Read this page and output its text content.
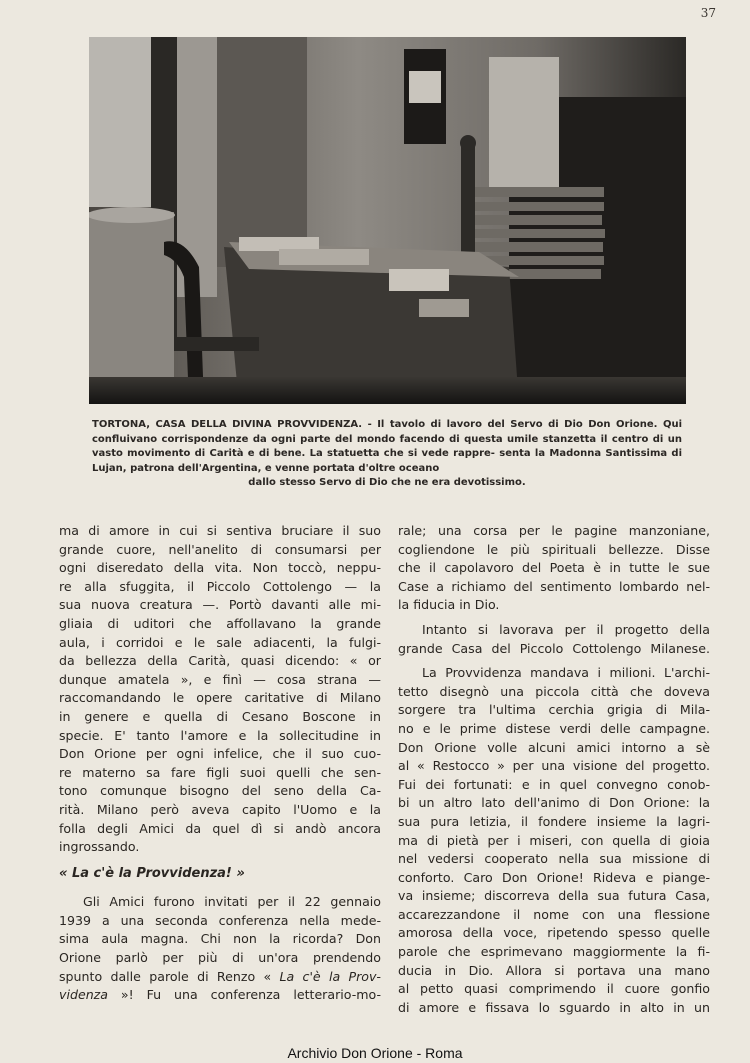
37
TORTONA, CASA DELLA DIVINA PROVVIDENZA. - Il tavolo di lavoro del Servo di Dio Don Orione. Qui confluivano corrispondenze da ogni parte del mondo facendo di questa umile stanzetta il centro di un vasto movimento di Carità e di bene. La statuetta che si vede rappre- senta la Madonna Santissima di Lujan, patrona dell'Argentina, e venne portata d'oltre oceano
dallo stesso Servo di Dio che ne era devotissimo.
ma di amore in cui si sentiva bruciare il suo
grande cuore, nell'anelito di consumarsi per
ogni diseredato della vita. Non toccò, neppu-
re alla sfuggita, il Piccolo Cottolengo — la
sua nuova creatura —. Portò davanti alle mi-
gliaia di uditori che affollavano la grande
aula, i corridoi e le sale adiacenti, la fulgi-
da bellezza della Carità, quasi dicendo: « or
dunque amatela », e finì — cosa strana —
raccomandando le opere caritative di Milano
in genere e quella di Cesano Boscone in
specie. E' tanto l'amore e la sollecitudine in
Don Orione per ogni infelice, che il suo cuo-
re materno sa fare figli suoi quelli che sen-
tono comunque bisogno del seno della Ca-
rità. Milano però aveva capito l'Uomo e la
folla degli Amici da quel dì si andò ancora
ingrossando.
« La c'è la Provvidenza! »
Gli Amici furono invitati per il 22 gennaio
1939 a una seconda conferenza nella mede-
sima aula magna. Chi non la ricorda? Don
Orione parlò per più di un'ora prendendo
spunto dalle parole di Renzo « La c'è la Prov-
videnza »! Fu una conferenza letterario-mo-
rale; una corsa per le pagine manzoniane,
cogliendone le più spirituali bellezze. Disse
che il capolavoro del Poeta è in tutte le sue
Case a richiamo del sentimento lombardo nel-
la fiducia in Dio.
Intanto si lavorava per il progetto della
grande Casa del Piccolo Cottolengo Milanese.
La Provvidenza mandava i milioni. L'archi-
tetto disegnò una piccola città che doveva
sorgere tra l'ultima cerchia grigia di Mila-
no e le prime distese verdi delle campagne.
Don Orione volle alcuni amici intorno a sè
al « Restocco » per una visione del progetto.
Fui dei fortunati: e in quel convegno conob-
bi un altro lato dell'animo di Don Orione: la
sua pura letizia, il fondere insieme la lagri-
ma di pietà per i miseri, con quella di gioia
nel vedersi cooperato nella sua missione di
conforto. Caro Don Orione! Rideva e piange-
va insieme; discorreva della sua futura Casa,
accarezzandone il nome con una flessione
amorosa della voce, ripetendo spesso quelle
parole che esprimevano maggiormente la fi-
ducia in Dio. Allora si portava una mano
al petto quasi comprimendo il cuore gonfio
di amore e fissava lo sguardo in alto in un
Archivio Don Orione - Roma
